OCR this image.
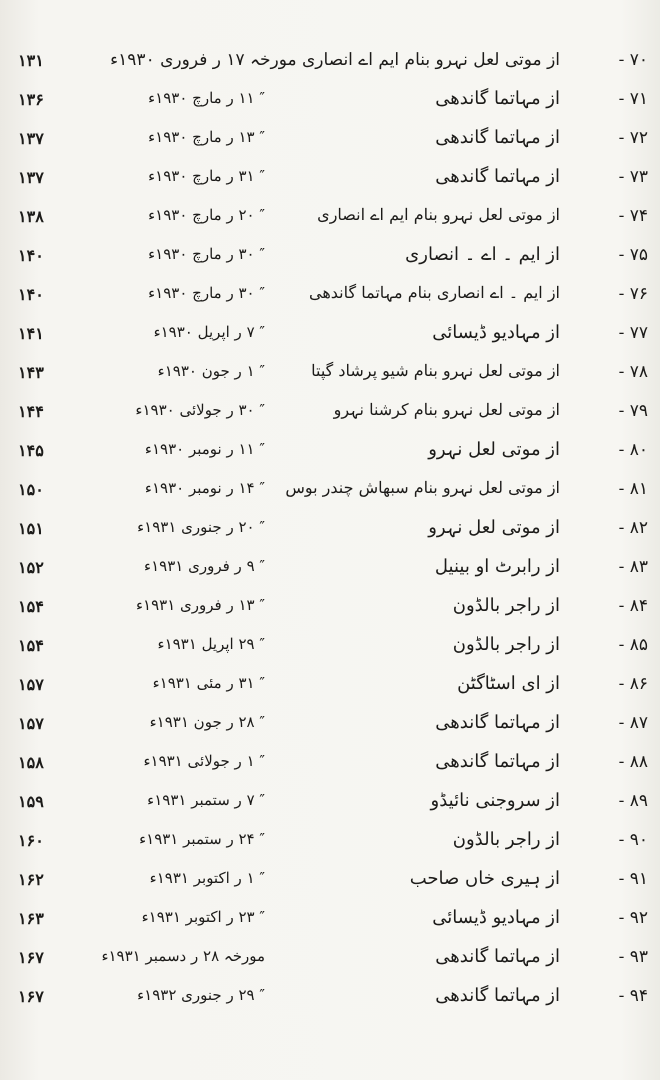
۷۰ -
از موتی لعل نہرو بنام ایم اے انصاری مورخہ ۱۷ ر فروری ۱۹۳۰ء
۱۳۱
۷۱ -
از مہاتما گاندھی
″ ۱۱ ر مارچ ۱۹۳۰ء
۱۳۶
۷۲ -
از مہاتما گاندھی
″ ۱۳ ر مارچ ۱۹۳۰ء
۱۳۷
۷۳ -
از مہاتما گاندھی
″ ۳۱ ر مارچ ۱۹۳۰ء
۱۳۷
۷۴ -
از موتی لعل نہرو بنام ایم اے انصاری
″ ۲۰ ر مارچ ۱۹۳۰ء
۱۳۸
۷۵ -
از ایم ۔ اے ۔ انصاری
″ ۳۰ ر مارچ ۱۹۳۰ء
۱۴۰
۷۶ -
از ایم ۔ اے انصاری بنام مہاتما گاندھی
″ ۳۰ ر مارچ ۱۹۳۰ء
۱۴۰
۷۷ -
از مہادیو ڈیسائی
″ ۷ ر اپریل ۱۹۳۰ء
۱۴۱
۷۸ -
از موتی لعل نہرو بنام شیو پرشاد گپتا
″ ۱ ر جون ۱۹۳۰ء
۱۴۳
۷۹ -
از موتی لعل نہرو بنام کرشنا نہرو
″ ۳۰ ر جولائی ۱۹۳۰ء
۱۴۴
۸۰ -
از موتی لعل نہرو
″ ۱۱ ر نومبر ۱۹۳۰ء
۱۴۵
۸۱ -
از موتی لعل نہرو بنام سبھاش چندر بوس
″ ۱۴ ر نومبر ۱۹۳۰ء
۱۵۰
۸۲ -
از موتی لعل نہرو
″ ۲۰ ر جنوری ۱۹۳۱ء
۱۵۱
۸۳ -
از رابرٹ او بینیل
″ ۹ ر فروری ۱۹۳۱ء
۱۵۲
۸۴ -
از راجر بالڈون
″ ۱۳ ر فروری ۱۹۳۱ء
۱۵۴
۸۵ -
از راجر بالڈون
″ ۲۹ اپریل ۱۹۳۱ء
۱۵۴
۸۶ -
از ای اسٹاگٹن
″ ۳۱ ر مئی ۱۹۳۱ء
۱۵۷
۸۷ -
از مہاتما گاندھی
″ ۲۸ ر جون ۱۹۳۱ء
۱۵۷
۸۸ -
از مہاتما گاندھی
″ ۱ ر جولائی ۱۹۳۱ء
۱۵۸
۸۹ -
از سروجنی نائیڈو
″ ۷ ر ستمبر ۱۹۳۱ء
۱۵۹
۹۰ -
از راجر بالڈون
″ ۲۴ ر ستمبر ۱۹۳۱ء
۱۶۰
۹۱ -
از ہیری خاں صاحب
″ ۱ ر اکتوبر ۱۹۳۱ء
۱۶۲
۹۲ -
از مہادیو ڈیسائی
″ ۲۳ ر اکتوبر ۱۹۳۱ء
۱۶۳
۹۳ -
از مہاتما گاندھی
مورخہ ۲۸ ر دسمبر ۱۹۳۱ء
۱۶۷
۹۴ -
از مہاتما گاندھی
″ ۲۹ ر جنوری ۱۹۳۲ء
۱۶۷
